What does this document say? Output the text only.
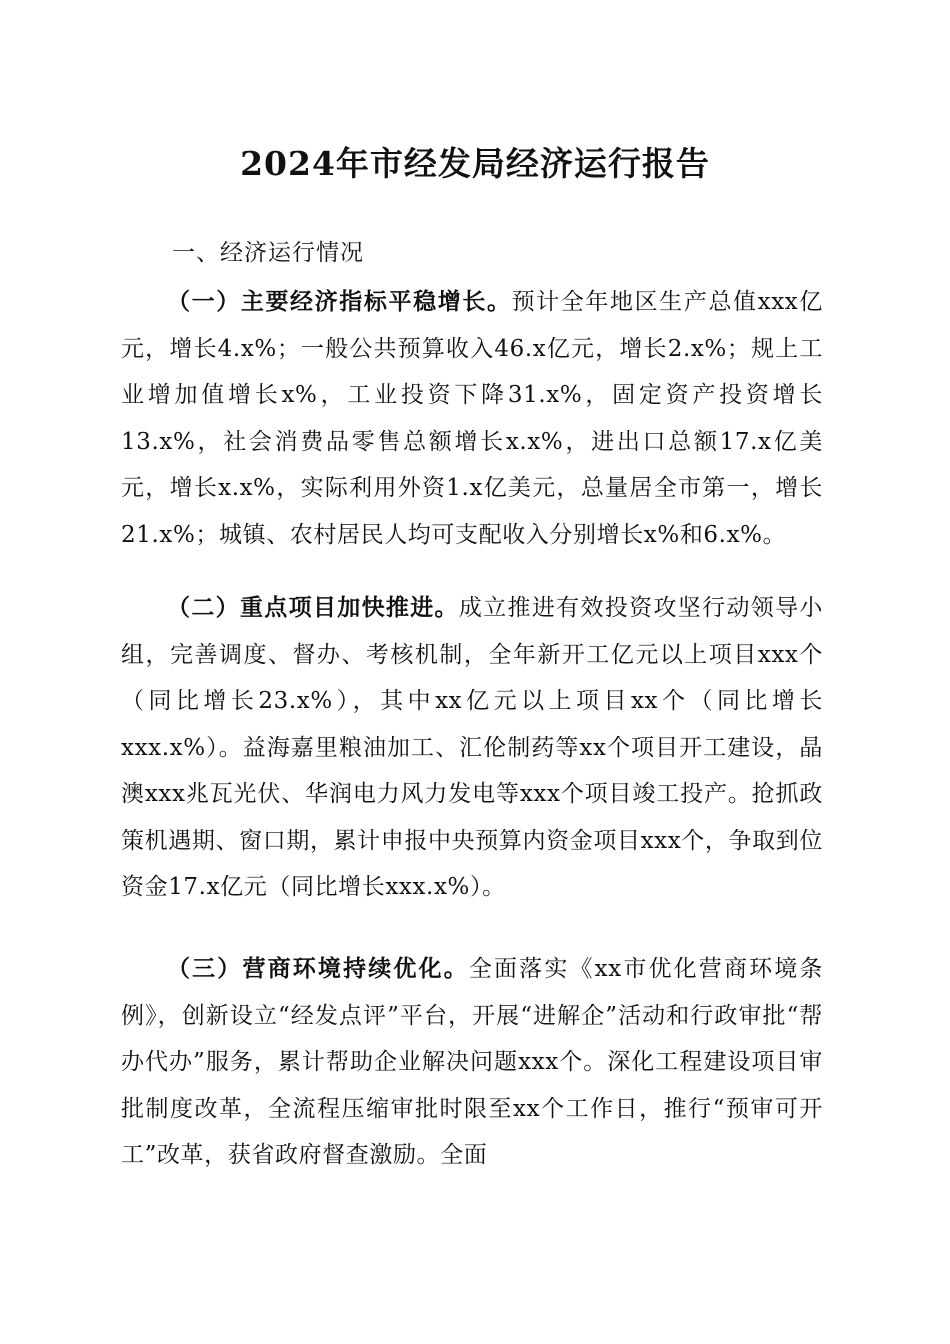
2024年市经发局经济运行报告
一、经济运行情况

（一）主要经济指标平稳增长。预计全年地区生产总值xxx亿元，增长4.x%；一般公共预算收入46.x亿元，增长2.x%；规上工业增加值增长x%，工业投资下降31.x%，固定资产投资增长13.x%，社会消费品零售总额增长x.x%，进出口总额17.x亿美元，增长x.x%，实际利用外资1.x亿美元，总量居全市第一，增长21.x%；城镇、农村居民人均可支配收入分别增长x%和6.x%。

（二）重点项目加快推进。成立推进有效投资攻坚行动领导小组，完善调度、督办、考核机制，全年新开工亿元以上项目xxx个（同比增长23.x%），其中xx亿元以上项目xx个（同比增长xxx.x%）。益海嘉里粮油加工、汇伦制药等xx个项目开工建设，晶澳xxx兆瓦光伏、华润电力风力发电等xxx个项目竣工投产。抢抓政策机遇期、窗口期，累计申报中央预算内资金项目xxx个，争取到位资金17.x亿元（同比增长xxx.x%）。

（三）营商环境持续优化。全面落实《xx市优化营商环境条例》，创新设立“经发点评”平台，开展“进解企”活动和行政审批“帮办代办”服务，累计帮助企业解决问题xxx个。深化工程建设项目审批制度改革，全流程压缩审批时限至xx个工作日，推行“预审可开工”改革，获省政府督查激励。全面
